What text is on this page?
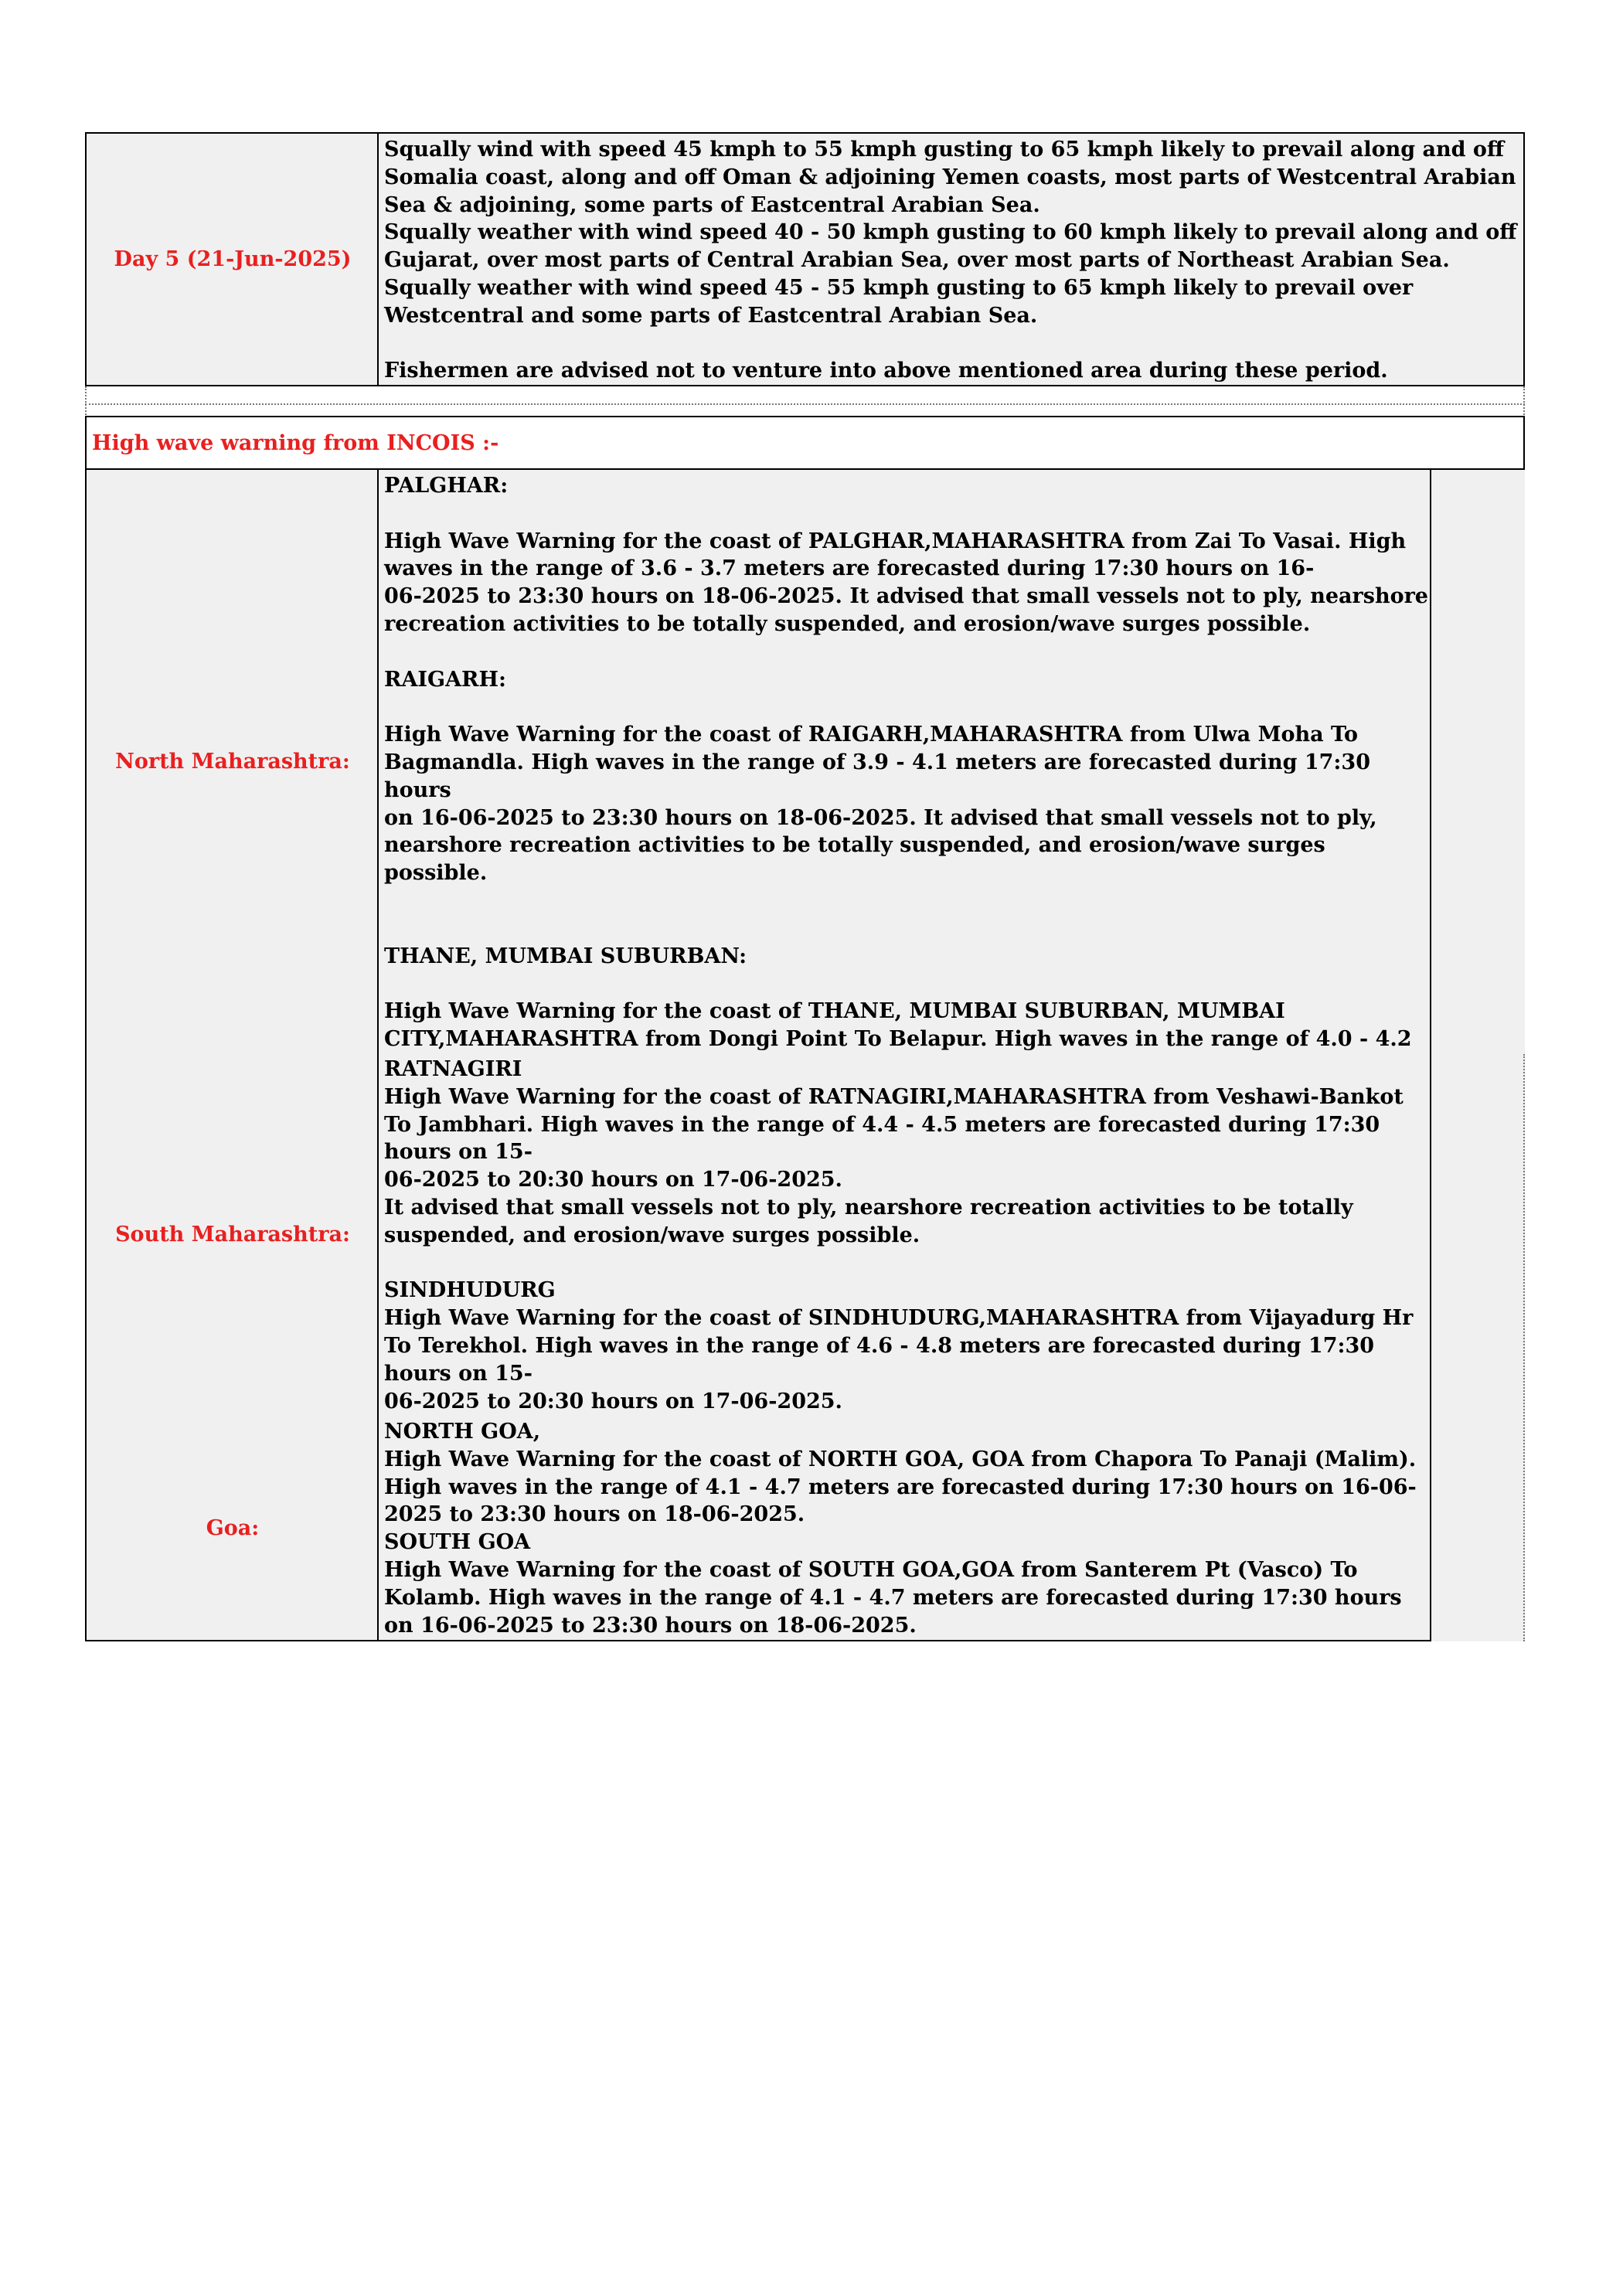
Day 5 (21-Jun-2025)
Squally wind with speed 45 kmph to 55 kmph gusting to 65 kmph likely to prevail along and off Somalia coast, along and off Oman & adjoining Yemen coasts, most parts of Westcentral Arabian Sea & adjoining, some parts of Eastcentral Arabian Sea.
Squally weather with wind speed 40 - 50 kmph gusting to 60 kmph likely to prevail along and off Gujarat, over most parts of Central Arabian Sea, over most parts of Northeast Arabian Sea.
Squally weather with wind speed 45 - 55 kmph gusting to 65 kmph likely to prevail over Westcentral and some parts of Eastcentral Arabian Sea.

Fishermen are advised not to venture into above mentioned area during these period.
High wave warning from INCOIS :-
North Maharashtra:
PALGHAR:

High Wave Warning for the coast of PALGHAR,MAHARASHTRA from Zai To Vasai. High waves in the range of 3.6 - 3.7 meters are forecasted during 17:30 hours on 16-
06-2025 to 23:30 hours on 18-06-2025. It advised that small vessels not to ply, nearshore recreation activities to be totally suspended, and erosion/wave surges possible.

RAIGARH:

High Wave Warning for the coast of RAIGARH,MAHARASHTRA from Ulwa Moha To Bagmandla. High waves in the range of 3.9 - 4.1 meters are forecasted during 17:30 hours
on 16-06-2025 to 23:30 hours on 18-06-2025. It advised that small vessels not to ply, nearshore recreation activities to be totally suspended, and erosion/wave surges possible.

THANE, MUMBAI SUBURBAN:

High Wave Warning for the coast of THANE, MUMBAI SUBURBAN, MUMBAI CITY,MAHARASHTRA from Dongi Point To Belapur. High waves in the range of 4.0 - 4.2
South Maharashtra:
RATNAGIRI
High Wave Warning for the coast of RATNAGIRI,MAHARASHTRA from Veshawi-Bankot To Jambhari. High waves in the range of 4.4 - 4.5 meters are forecasted during 17:30 hours on 15-
06-2025 to 20:30 hours on 17-06-2025.
It advised that small vessels not to ply, nearshore recreation activities to be totally suspended, and erosion/wave surges possible.

SINDHUDURG
High Wave Warning for the coast of SINDHUDURG,MAHARASHTRA from Vijayadurg Hr To Terekhol. High waves in the range of 4.6 - 4.8 meters are forecasted during 17:30 hours on 15-
06-2025 to 20:30 hours on 17-06-2025.

Goa:
NORTH GOA,
High Wave Warning for the coast of NORTH GOA, GOA from Chapora To Panaji (Malim). High waves in the range of 4.1 - 4.7 meters are forecasted during 17:30 hours on 16-06-2025 to 23:30 hours on 18-06-2025.
SOUTH GOA
High Wave Warning for the coast of SOUTH GOA,GOA from Santerem Pt (Vasco) To Kolamb. High waves in the range of 4.1 - 4.7 meters are forecasted during 17:30 hours on 16-06-2025 to 23:30 hours on 18-06-2025.
